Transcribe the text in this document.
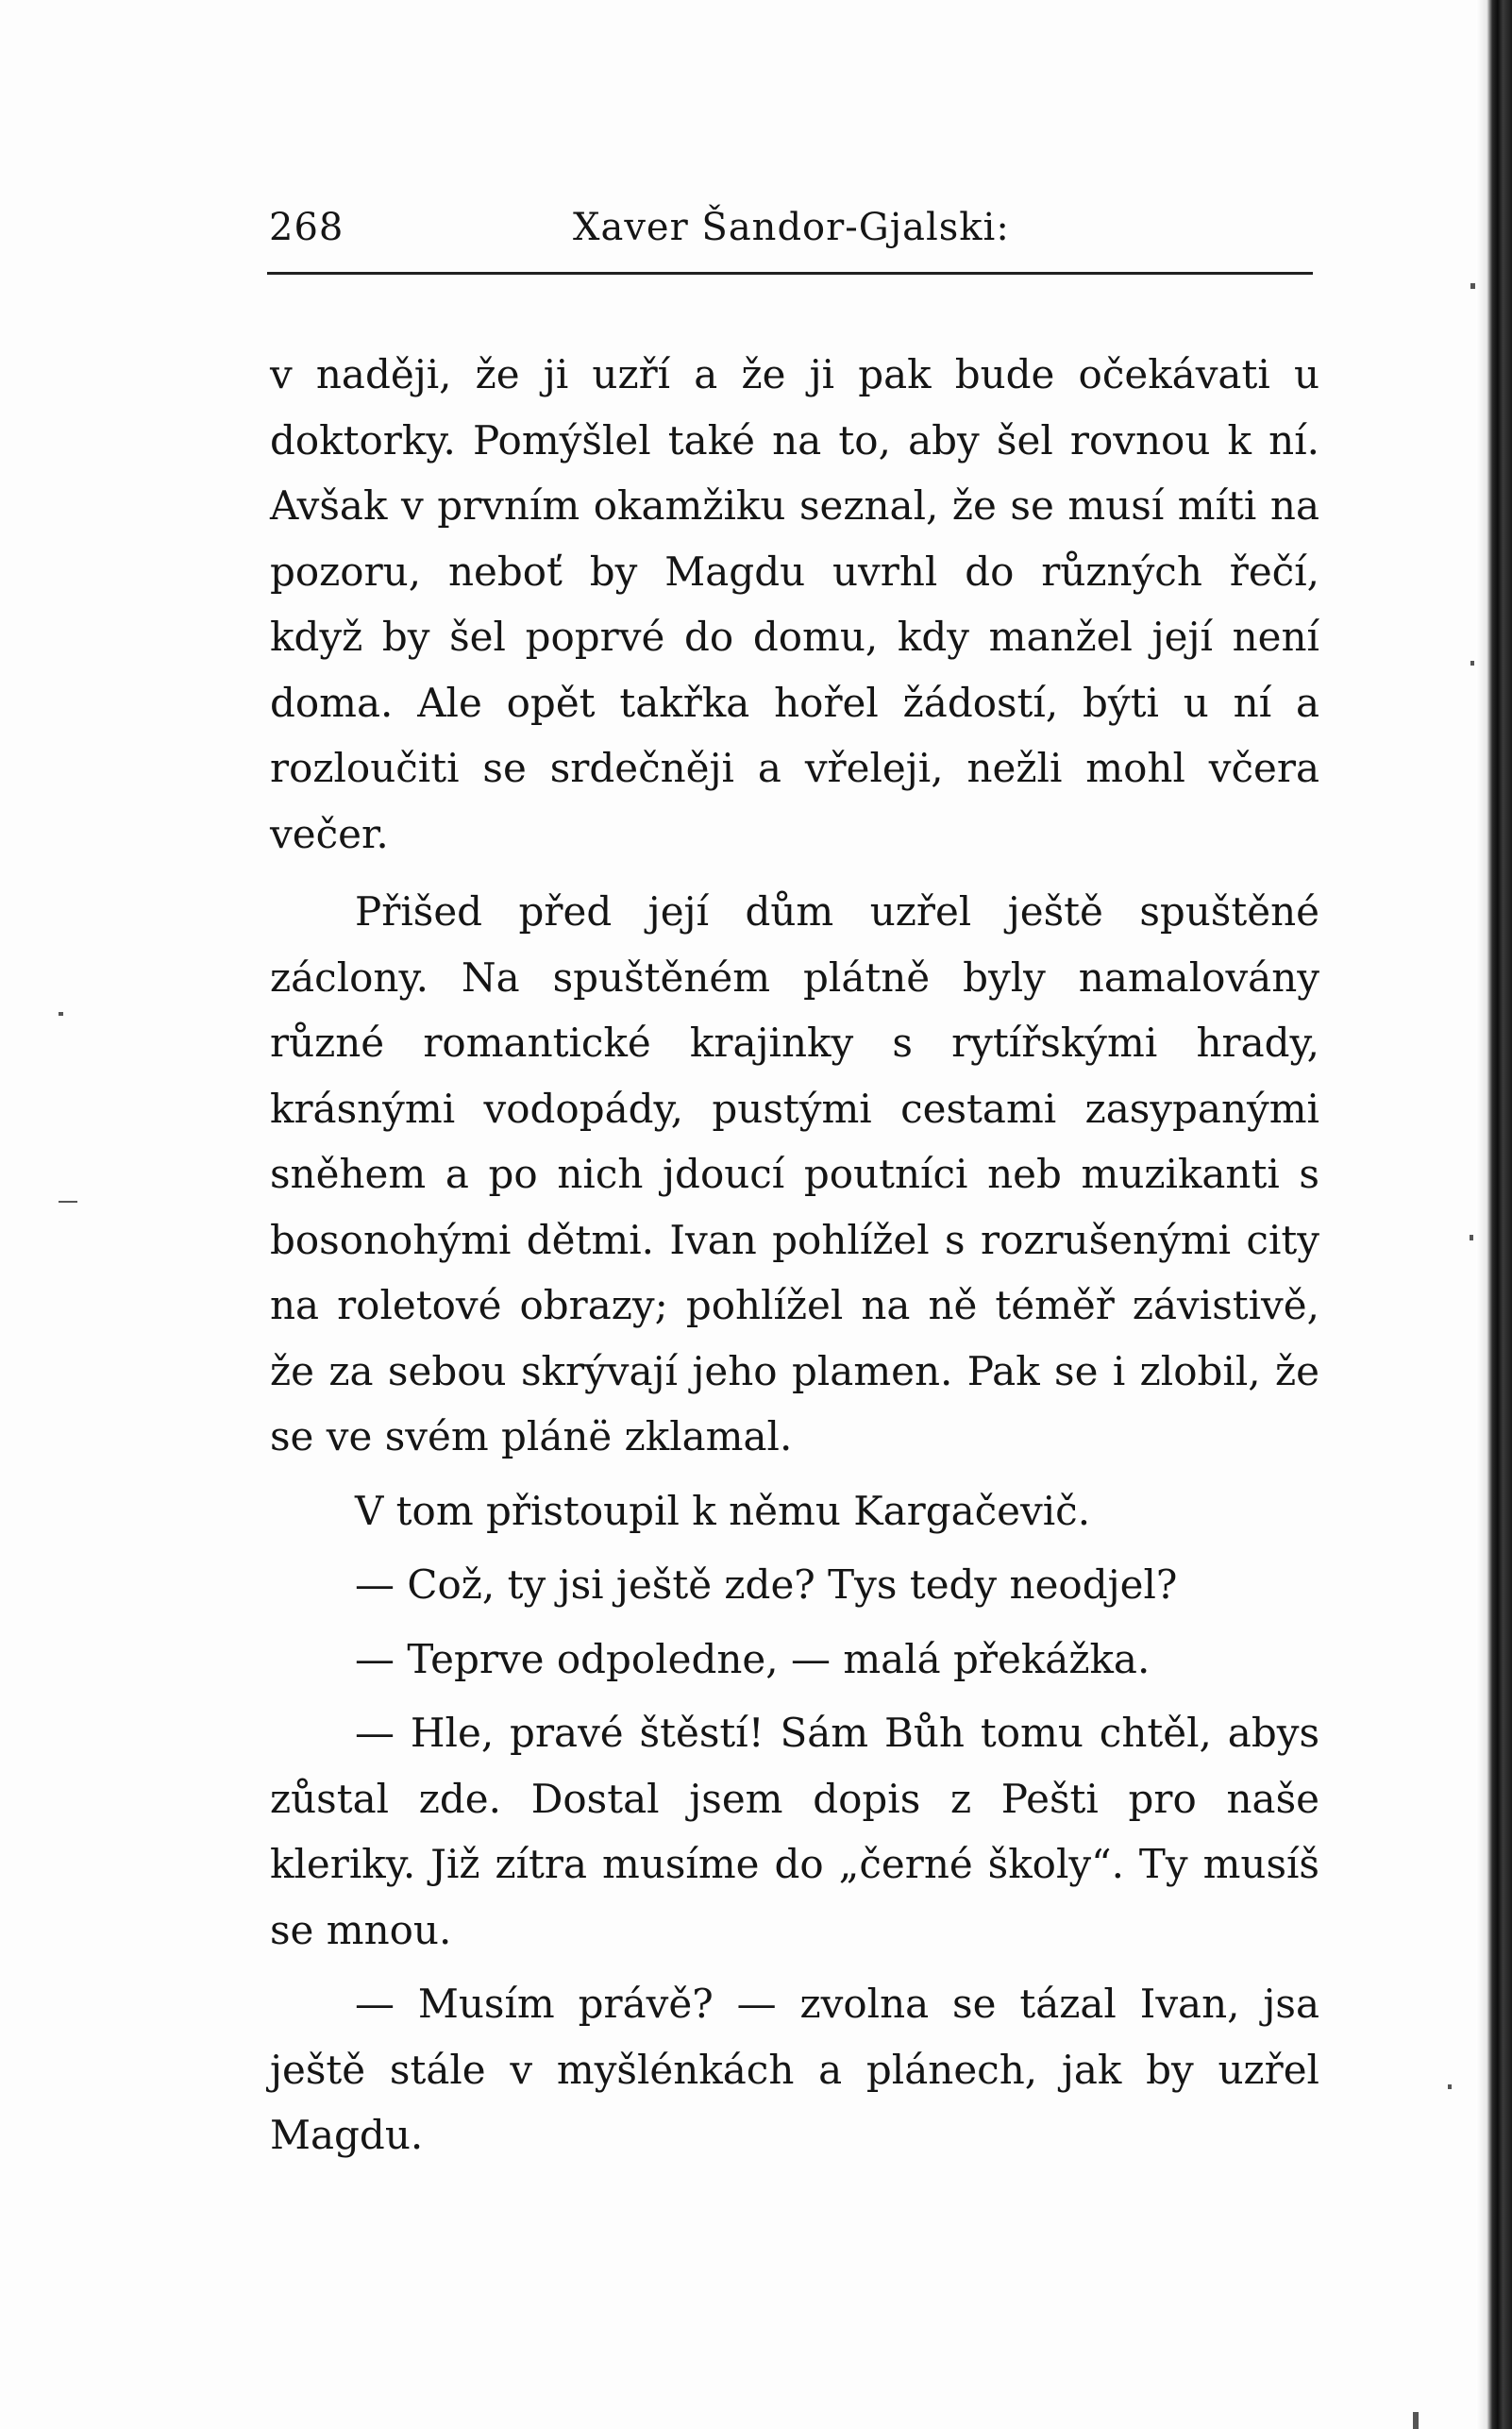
268	Xaver Šandor-Gjalski:

v naději, že ji uzří a že ji pak bude očekávati u doktorky. Pomýšlel také na to, aby šel rovnou k ní. Avšak v prvním okamžiku seznal, že se musí míti na pozoru, neboť by Magdu uvrhl do různých řečí, když by šel poprvé do domu, kdy manžel její není doma. Ale opět takřka hořel žádostí, býti u ní a rozloučiti se srdečněji a vřeleji, nežli mohl včera večer.

Přišed před její dům uzřel ještě spuštěné záclony. Na spuštěném plátně byly namalovány různé romantické krajinky s rytířskými hrady, krásnými vodopády, pustými cestami zasypanými sněhem a po nich jdoucí poutníci neb muzikanti s bosonohými dětmi. Ivan pohlížel s rozrušenými city na roletové obrazy; pohlížel na ně téměř závistivě, že za sebou skrývají jeho plamen. Pak se i zlobil, že se ve svém plánë zklamal.

V tom přistoupil k němu Kargačevič.

— Což, ty jsi ještě zde? Tys tedy neodjel?

— Teprve odpoledne, — malá překážka.

— Hle, pravé štěstí! Sám Bůh tomu chtěl, abys zůstal zde. Dostal jsem dopis z Pešti pro naše kleriky. Již zítra musíme do „černé školy“. Ty musíš se mnou.

— Musím právě? — zvolna se tázal Ivan, jsa ještě stále v myšlénkách a plánech, jak by uzřel Magdu.
